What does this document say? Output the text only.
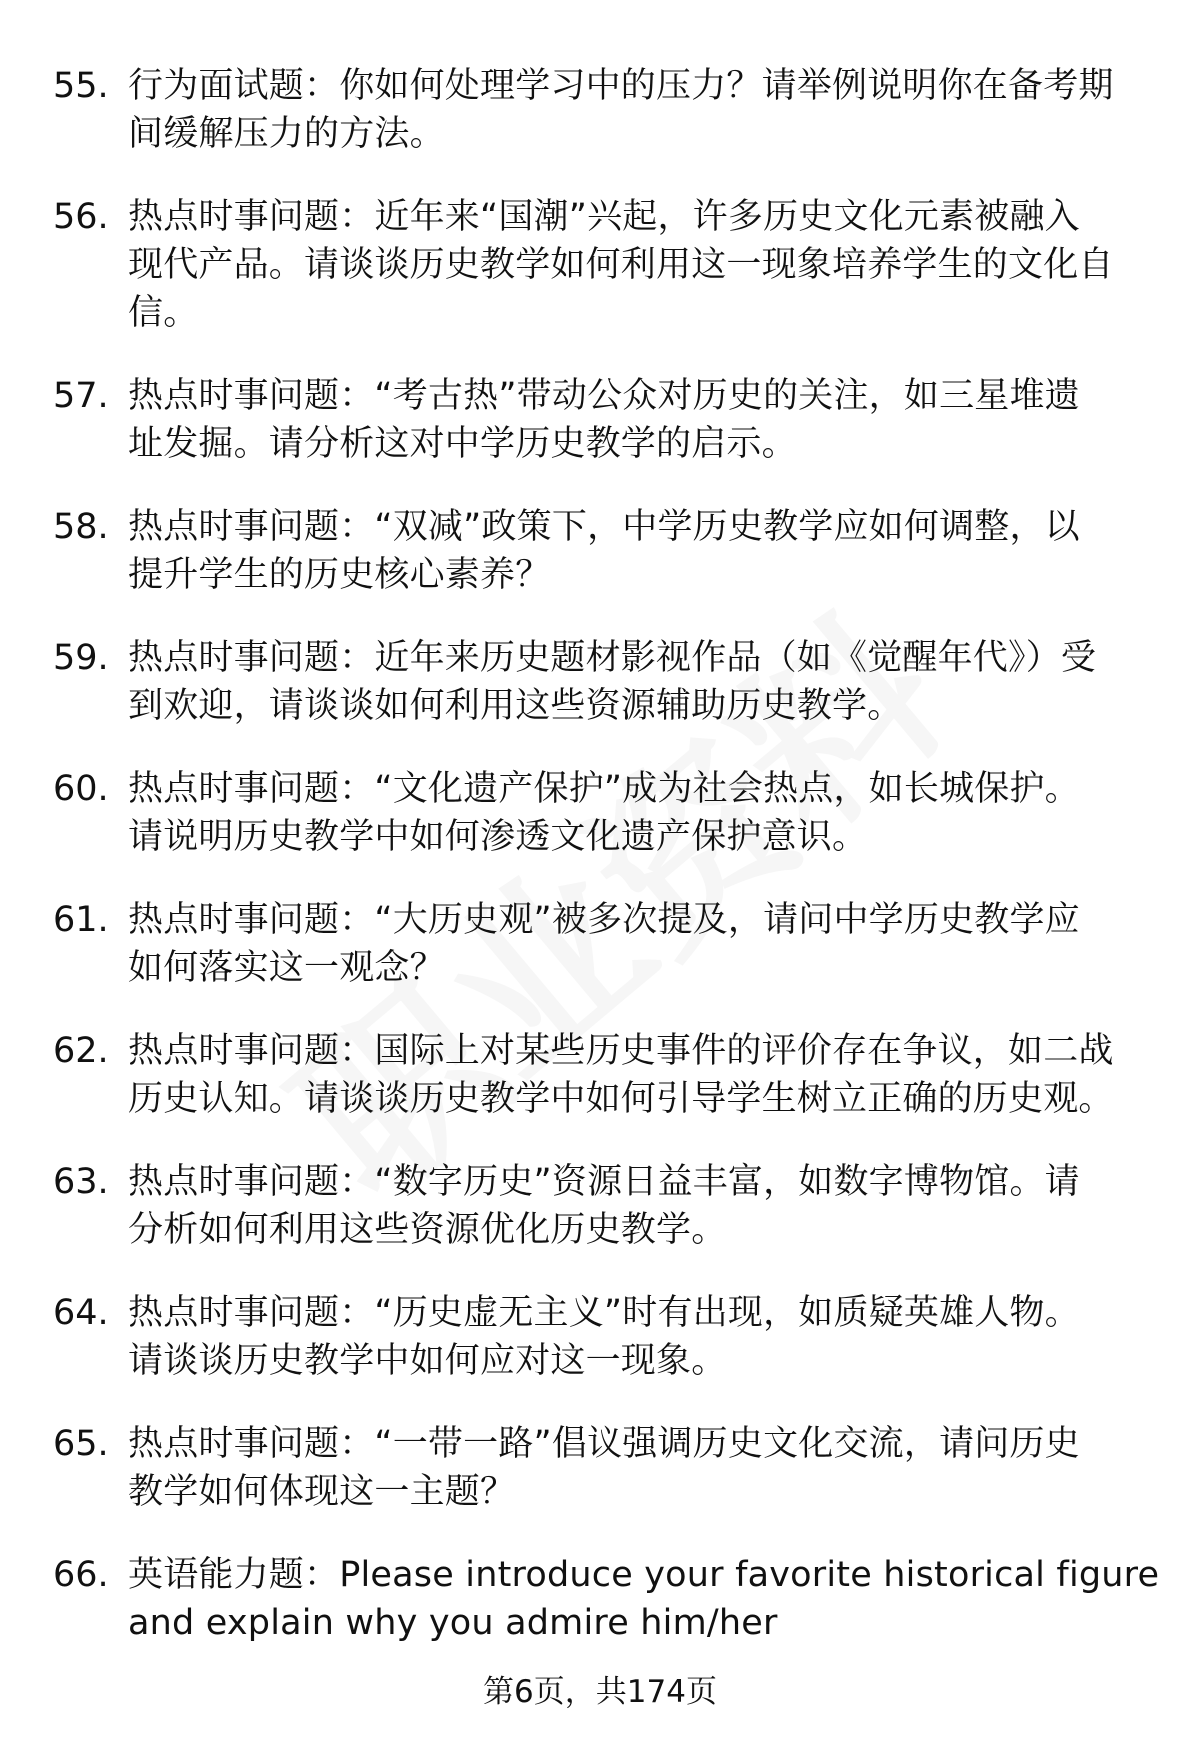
55. 行为面试题：你如何处理学习中的压力？请举例说明你在备考期
间缓解压力的方法。
56. 热点时事问题：近年来“国潮”兴起，许多历史文化元素被融入
现代产品。请谈谈历史教学如何利用这一现象培养学生的文化自
信。
57. 热点时事问题：“考古热”带动公众对历史的关注，如三星堆遗
址发掘。请分析这对中学历史教学的启示。
58. 热点时事问题：“双减”政策下，中学历史教学应如何调整，以
提升学生的历史核心素养？
59. 热点时事问题：近年来历史题材影视作品（如《觉醒年代》）受
到欢迎，请谈谈如何利用这些资源辅助历史教学。
60. 热点时事问题：“文化遗产保护”成为社会热点，如长城保护。
请说明历史教学中如何渗透文化遗产保护意识。
61. 热点时事问题：“大历史观”被多次提及，请问中学历史教学应
如何落实这一观念？
62. 热点时事问题：国际上对某些历史事件的评价存在争议，如二战
历史认知。请谈谈历史教学中如何引导学生树立正确的历史观。
63. 热点时事问题：“数字历史”资源日益丰富，如数字博物馆。请
分析如何利用这些资源优化历史教学。
64. 热点时事问题：“历史虚无主义”时有出现，如质疑英雄人物。
请谈谈历史教学中如何应对这一现象。
65. 热点时事问题：“一带一路”倡议强调历史文化交流，请问历史
教学如何体现这一主题？
66. 英语能力题：Please introduce your favorite historical figure
and explain why you admire him/her
第6页，共174页
